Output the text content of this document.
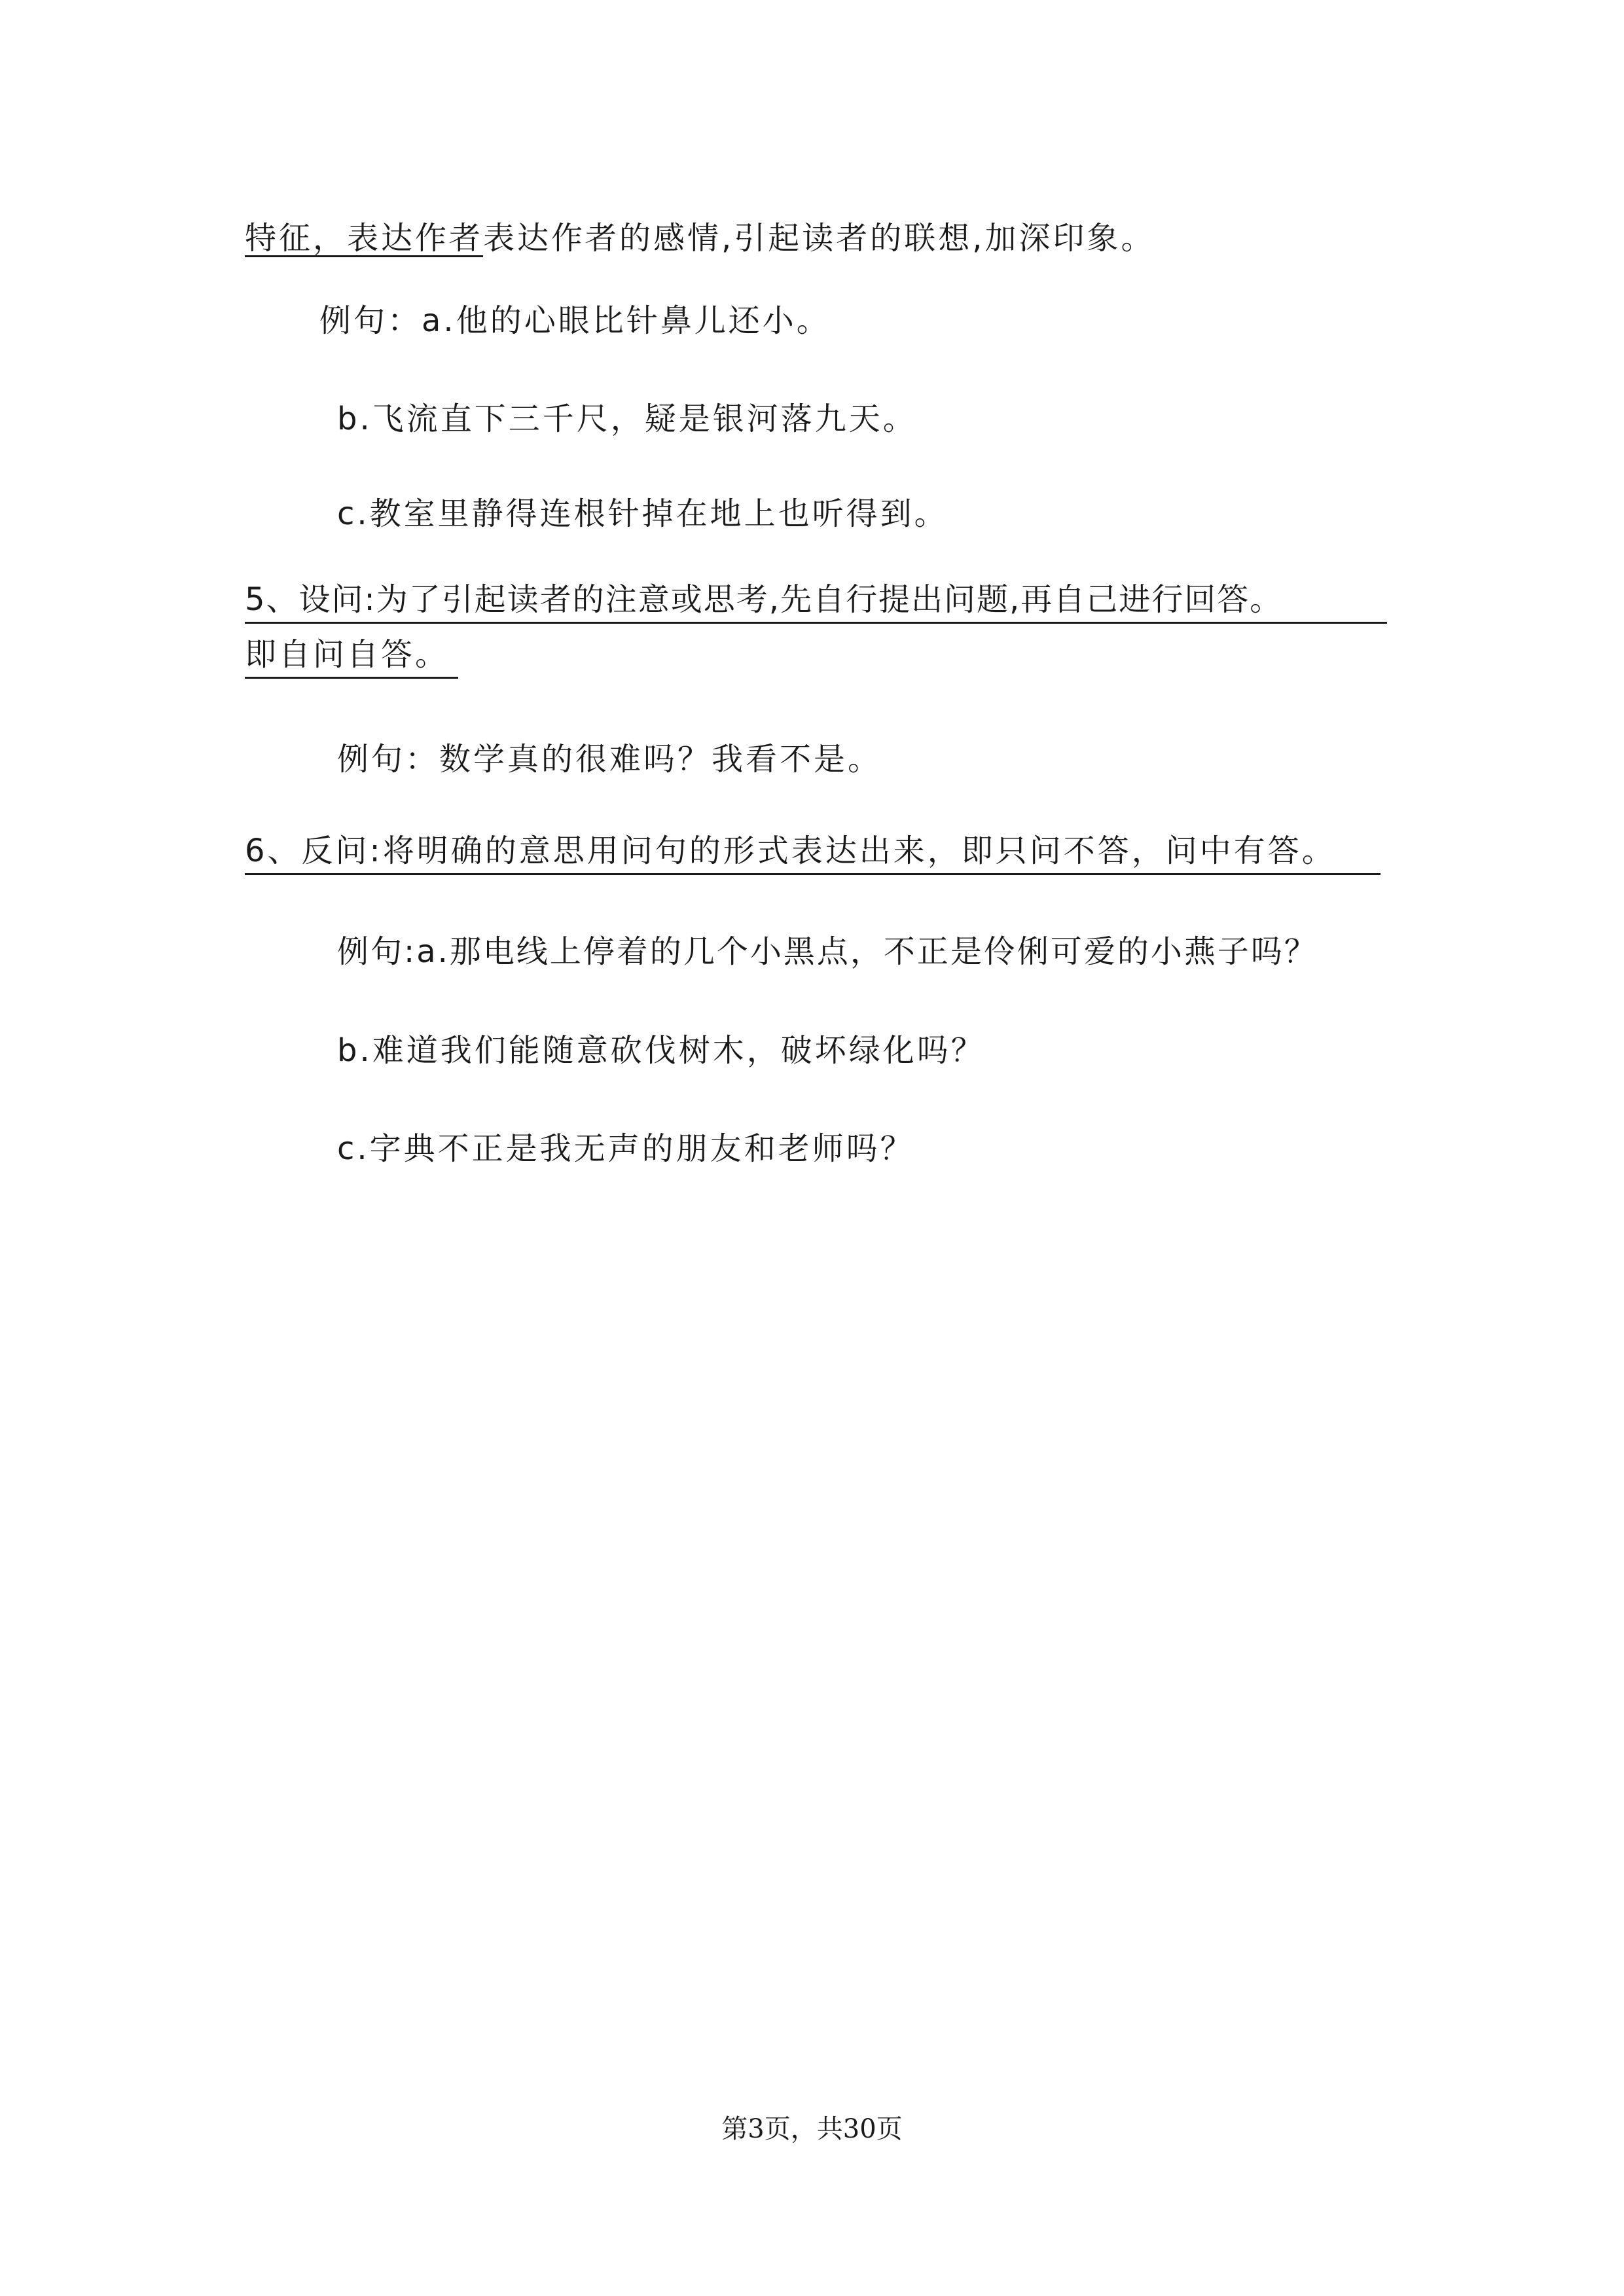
特征，表达作者表达作者的感情,引起读者的联想,加深印象。
例句：a.他的心眼比针鼻儿还小。
b.飞流直下三千尺，疑是银河落九天。
c.教室里静得连根针掉在地上也听得到。
5、设问:为了引起读者的注意或思考,先自行提出问题,再自己进行回答。
即自问自答。
例句：数学真的很难吗？我看不是。
6、反问:将明确的意思用问句的形式表达出来，即只问不答，问中有答。
例句:a.那电线上停着的几个小黑点，不正是伶俐可爱的小燕子吗？
b.难道我们能随意砍伐树木，破坏绿化吗？
c.字典不正是我无声的朋友和老师吗？
第3页，共30页
